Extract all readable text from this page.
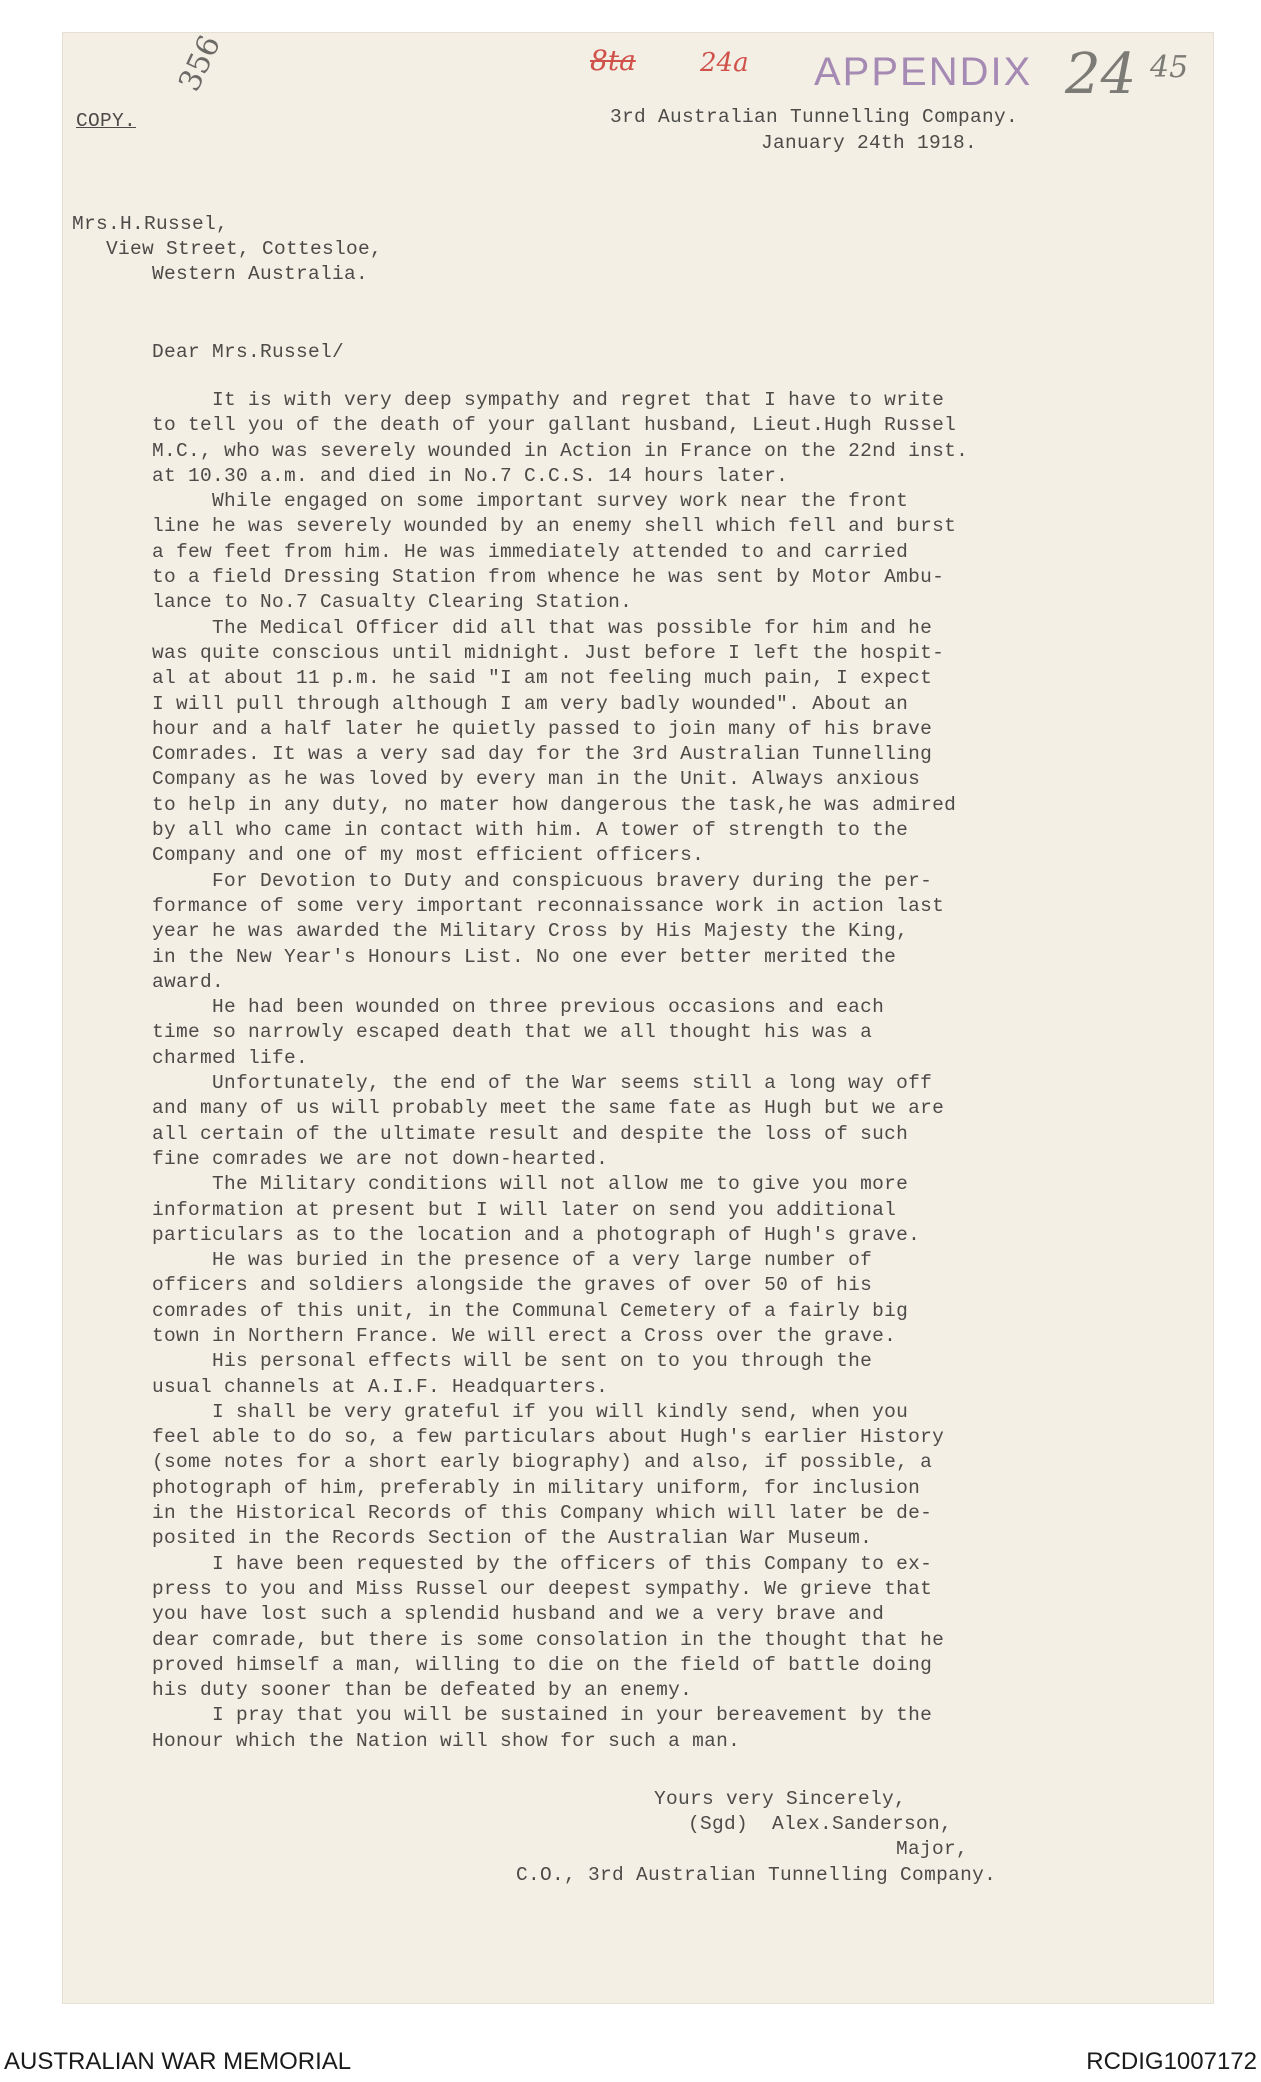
8ta 24a APPENDIX 24 45
356
COPY.

	3rd Australian Tunnelling Company.

January 24th 1918.

Mrs.H.Russel,

View Street, Cottesloe,

Western Australia.

Dear Mrs.Russel/
It is with very deep sympathy and regret that I have to write
to tell you of the death of your gallant husband, Lieut.Hugh Russel
M.C., who was severely wounded in Action in France on the 22nd inst.
at 10.30 a.m. and died in No.7 C.C.S. 14 hours later.
While engaged on some important survey work near the front
line he was severely wounded by an enemy shell which fell and burst
a few feet from him. He was immediately attended to and carried
to a field Dressing Station from whence he was sent by Motor Ambu-
lance to No.7 Casualty Clearing Station.
The Medical Officer did all that was possible for him and he
was quite conscious until midnight. Just before I left the hospit-
al at about 11 p.m. he said "I am not feeling much pain, I expect
I will pull through although I am very badly wounded". About an
hour and a half later he quietly passed to join many of his brave
Comrades. It was a very sad day for the 3rd Australian Tunnelling
Company as he was loved by every man in the Unit. Always anxious
to help in any duty, no mater how dangerous the task,he was admired
by all who came in contact with him. A tower of strength to the
Company and one of my most efficient officers.
For Devotion to Duty and conspicuous bravery during the per-
formance of some very important reconnaissance work in action last
year he was awarded the Military Cross by His Majesty the King,
in the New Year's Honours List. No one ever better merited the
award.
He had been wounded on three previous occasions and each
time so narrowly escaped death that we all thought his was a
charmed life.
Unfortunately, the end of the War seems still a long way off
and many of us will probably meet the same fate as Hugh but we are
all certain of the ultimate result and despite the loss of such
fine comrades we are not down-hearted.
The Military conditions will not allow me to give you more
information at present but I will later on send you additional
particulars as to the location and a photograph of Hugh's grave.
He was buried in the presence of a very large number of
officers and soldiers alongside the graves of over 50 of his
comrades of this unit, in the Communal Cemetery of a fairly big
town in Northern France. We will erect a Cross over the grave.
His personal effects will be sent on to you through the
usual channels at A.I.F. Headquarters.
I shall be very grateful if you will kindly send, when you
feel able to do so, a few particulars about Hugh's earlier History
(some notes for a short early biography) and also, if possible, a
photograph of him, preferably in military uniform, for inclusion
in the Historical Records of this Company which will later be de-
posited in the Records Section of the Australian War Museum.
I have been requested by the officers of this Company to ex-
press to you and Miss Russel our deepest sympathy. We grieve that
you have lost such a splendid husband and we a very brave and
dear comrade, but there is some consolation in the thought that he
proved himself a man, willing to die on the field of battle doing
his duty sooner than be defeated by an enemy.
I pray that you will be sustained in your bereavement by the
Honour which the Nation will show for such a man.

Yours very Sincerely,

(Sgd)  Alex.Sanderson,

Major,

C.O., 3rd Australian Tunnelling Company.

AUSTRALIAN WAR MEMORIAL	RCDIG1007172
